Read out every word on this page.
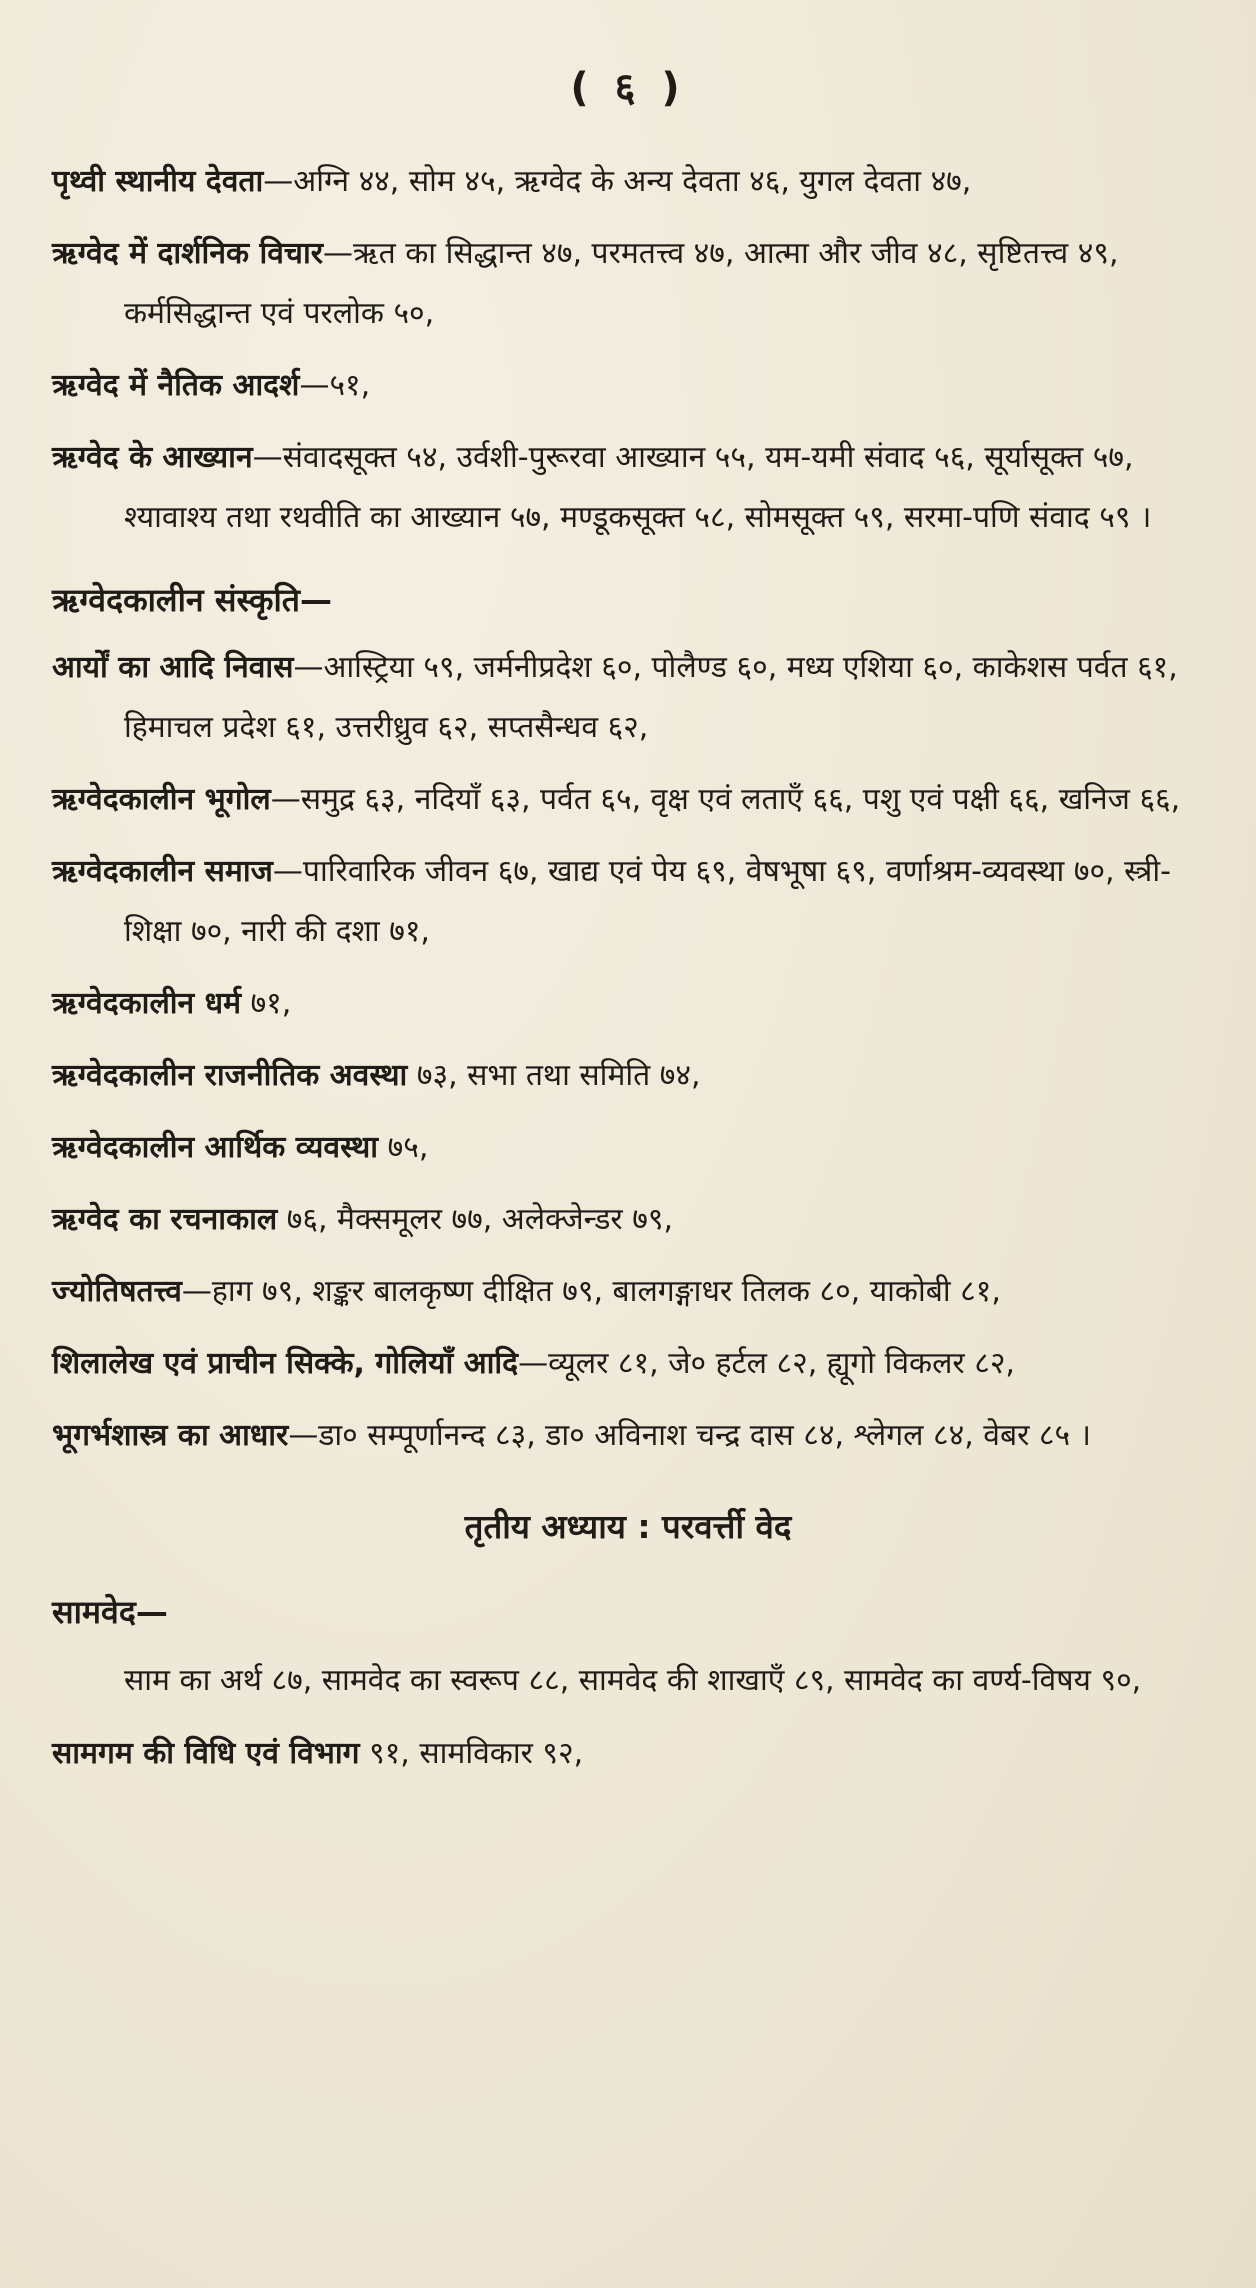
( ६ )

पृथ्वी स्थानीय देवता—अग्नि ४४, सोम ४५, ऋग्वेद के अन्य देवता ४६, युगल देवता ४७,

ऋग्वेद में दार्शनिक विचार—ऋत का सिद्धान्त ४७, परमतत्त्व ४७, आत्मा और जीव ४८, सृष्टितत्त्व ४९, कर्मसिद्धान्त एवं परलोक ५०,

ऋग्वेद में नैतिक आदर्श—५१,

ऋग्वेद के आख्यान—संवादसूक्त ५४, उर्वशी-पुरूरवा आख्यान ५५, यम-यमी संवाद ५६, सूर्यासूक्त ५७, श्यावाश्य तथा रथवीति का आख्यान ५७, मण्डूकसूक्त ५८, सोमसूक्त ५९, सरमा-पणि संवाद ५९ ।

ऋग्वेदकालीन संस्कृति—

आर्यों का आदि निवास—आस्ट्रिया ५९, जर्मनीप्रदेश ६०, पोलैण्ड ६०, मध्य एशिया ६०, काकेशस पर्वत ६१, हिमाचल प्रदेश ६१, उत्तरीध्रुव ६२, सप्तसैन्धव ६२,

ऋग्वेदकालीन भूगोल—समुद्र ६३, नदियाँ ६३, पर्वत ६५, वृक्ष एवं लताएँ ६६, पशु एवं पक्षी ६६, खनिज ६६,

ऋग्वेदकालीन समाज—पारिवारिक जीवन ६७, खाद्य एवं पेय ६९, वेषभूषा ६९, वर्णाश्रम-व्यवस्था ७०, स्त्री-शिक्षा ७०, नारी की दशा ७१,

ऋग्वेदकालीन धर्म ७१,

ऋग्वेदकालीन राजनीतिक अवस्था ७३, सभा तथा समिति ७४,

ऋग्वेदकालीन आर्थिक व्यवस्था ७५,

ऋग्वेद का रचनाकाल ७६, मैक्समूलर ७७, अलेक्जेन्डर ७९,

ज्योतिषतत्त्व—हाग ७९, शङ्कर बालकृष्ण दीक्षित ७९, बालगङ्गाधर तिलक ८०, याकोबी ८१,

शिलालेख एवं प्राचीन सिक्के, गोलियाँ आदि—व्यूलर ८१, जे० हर्टल ८२, ह्यूगो विकलर ८२,

भूगर्भशास्त्र का आधार—डा० सम्पूर्णानन्द ८३, डा० अविनाश चन्द्र दास ८४, श्लेगल ८४, वेबर ८५ ।

तृतीय अध्याय : परवर्त्ती वेद
सामवेद—
साम का अर्थ ८७, सामवेद का स्वरूप ८८, सामवेद की शाखाएँ ८९, सामवेद का वर्ण्य-विषय ९०,

सामगम की विधि एवं विभाग ९१, सामविकार ९२,
